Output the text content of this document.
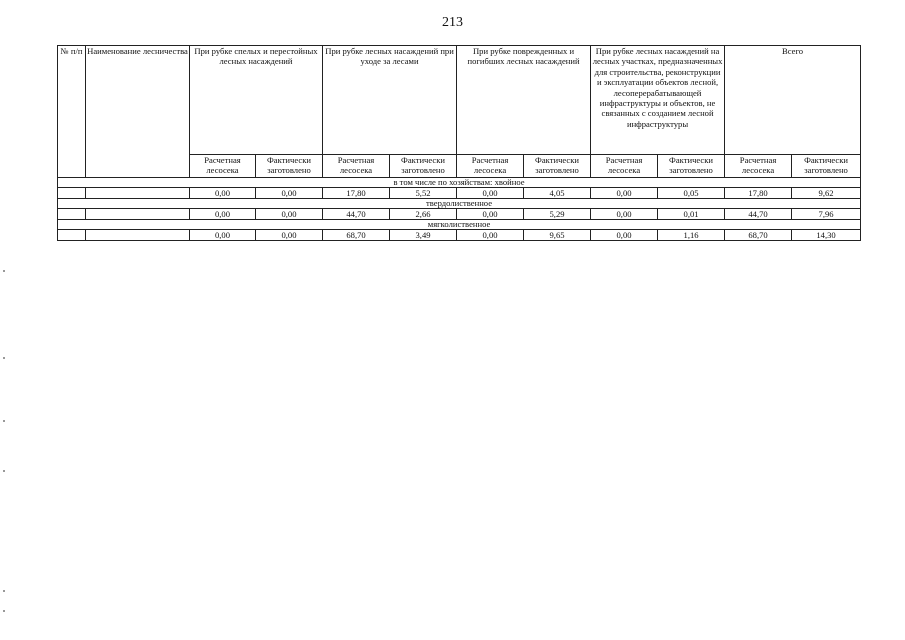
213
№ п/п	Наименование лесничества	При рубке спелых и перестойных лесных насаждений		При рубке лесных насаждений при уходе за лесами		При рубке поврежденных и погибших лесных насаждений		При рубке лесных насаждений на лесных участках, предназначенных для строительства, реконструкции и эксплуатации объектов лесной, лесоперерабатывающей инфраструктуры и объектов, не связанных с созданием лесной инфраструктуры		Всего	
		Расчетная лесосека	Фактически заготовлено	Расчетная лесосека	Фактически заготовлено	Расчетная лесосека	Фактически заготовлено	Расчетная лесосека	Фактически заготовлено	Расчетная лесосека	Фактически заготовлено
в том числе по хозяйствам: хвойное											
		0,00	0,00	17,80	5,52	0,00	4,05	0,00	0,05	17,80	9,62
твердолиственное											
		0,00	0,00	44,70	2,66	0,00	5,29	0,00	0,01	44,70	7,96
мягколиственное											
		0,00	0,00	68,70	3,49	0,00	9,65	0,00	1,16	68,70	14,30
